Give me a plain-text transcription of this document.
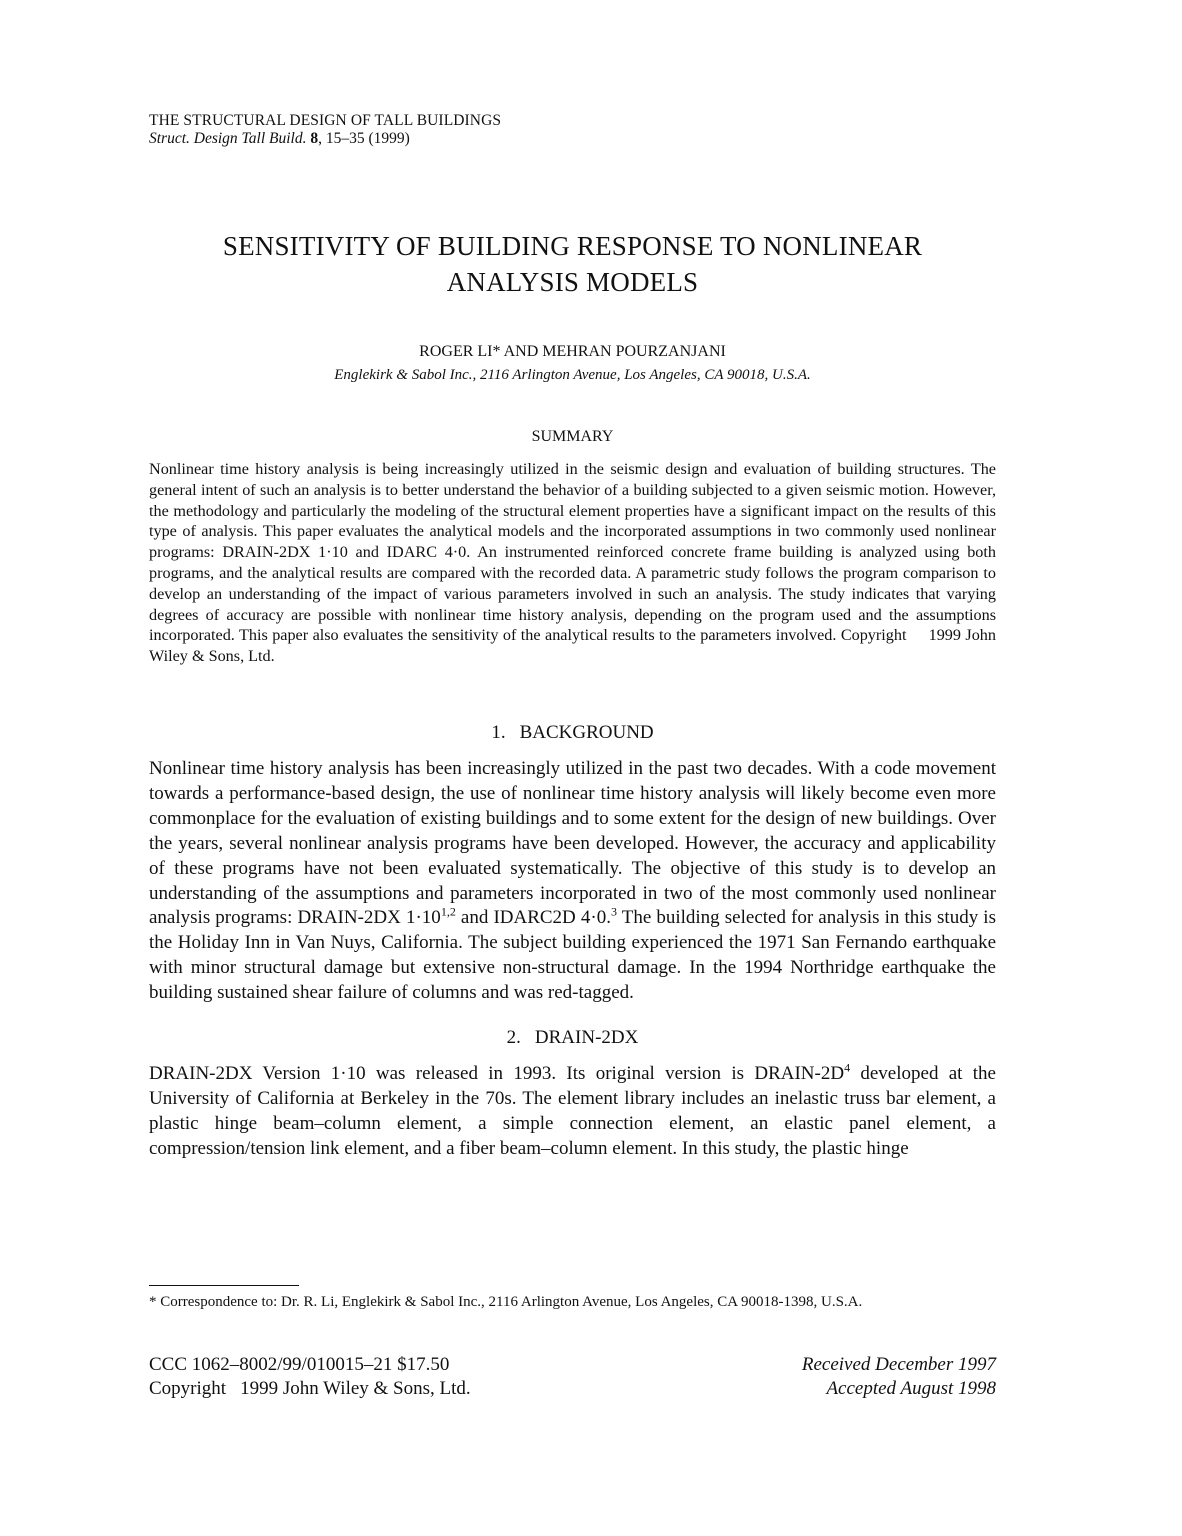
THE STRUCTURAL DESIGN OF TALL BUILDINGS
Struct. Design Tall Build. 8, 15–35 (1999)
SENSITIVITY OF BUILDING RESPONSE TO NONLINEAR
ANALYSIS MODELS
ROGER LI* AND MEHRAN POURZANJANI
Englekirk & Sabol Inc., 2116 Arlington Avenue, Los Angeles, CA 90018, U.S.A.
SUMMARY
Nonlinear time history analysis is being increasingly utilized in the seismic design and evaluation of building structures. The general intent of such an analysis is to better understand the behavior of a building subjected to a given seismic motion. However, the methodology and particularly the modeling of the structural element properties have a significant impact on the results of this type of analysis. This paper evaluates the analytical models and the incorporated assumptions in two commonly used nonlinear programs: DRAIN-2DX 1·10 and IDARC 4·0. An instrumented reinforced concrete frame building is analyzed using both programs, and the analytical results are compared with the recorded data. A parametric study follows the program comparison to develop an understanding of the impact of various parameters involved in such an analysis. The study indicates that varying degrees of accuracy are possible with nonlinear time history analysis, depending on the program used and the assumptions incorporated. This paper also evaluates the sensitivity of the analytical results to the parameters involved. Copyright     1999 John Wiley & Sons, Ltd.
1. BACKGROUND
Nonlinear time history analysis has been increasingly utilized in the past two decades. With a code movement towards a performance-based design, the use of nonlinear time history analysis will likely become even more commonplace for the evaluation of existing buildings and to some extent for the design of new buildings. Over the years, several nonlinear analysis programs have been developed. However, the accuracy and applicability of these programs have not been evaluated systematically. The objective of this study is to develop an understanding of the assumptions and parameters incorporated in two of the most commonly used nonlinear analysis programs: DRAIN-2DX $1\cdot 10^{1,2}$ and IDARC2D 4·0.$^3$ The building selected for analysis in this study is the Holiday Inn in Van Nuys, California. The subject building experienced the 1971 San Fernando earthquake with minor structural damage but extensive non-structural damage. In the 1994 Northridge earthquake the building sustained shear failure of columns and was red-tagged.
2. DRAIN-2DX
DRAIN-2DX Version 1·10 was released in 1993. Its original version is DRAIN-$2D^4$ developed at the University of California at Berkeley in the 70s. The element library includes an inelastic truss bar element, a plastic hinge beam–column element, a simple connection element, an elastic panel element, a compression/tension link element, and a fiber beam–column element. In this study, the plastic hinge
* Correspondence to: Dr. R. Li, Englekirk & Sabol Inc., 2116 Arlington Avenue, Los Angeles, CA 90018-1398, U.S.A.
CCC 1062–8002/99/010015–21 $17.50
Copyright 1999 John Wiley & Sons, Ltd.
Received December 1997
Accepted August 1998
